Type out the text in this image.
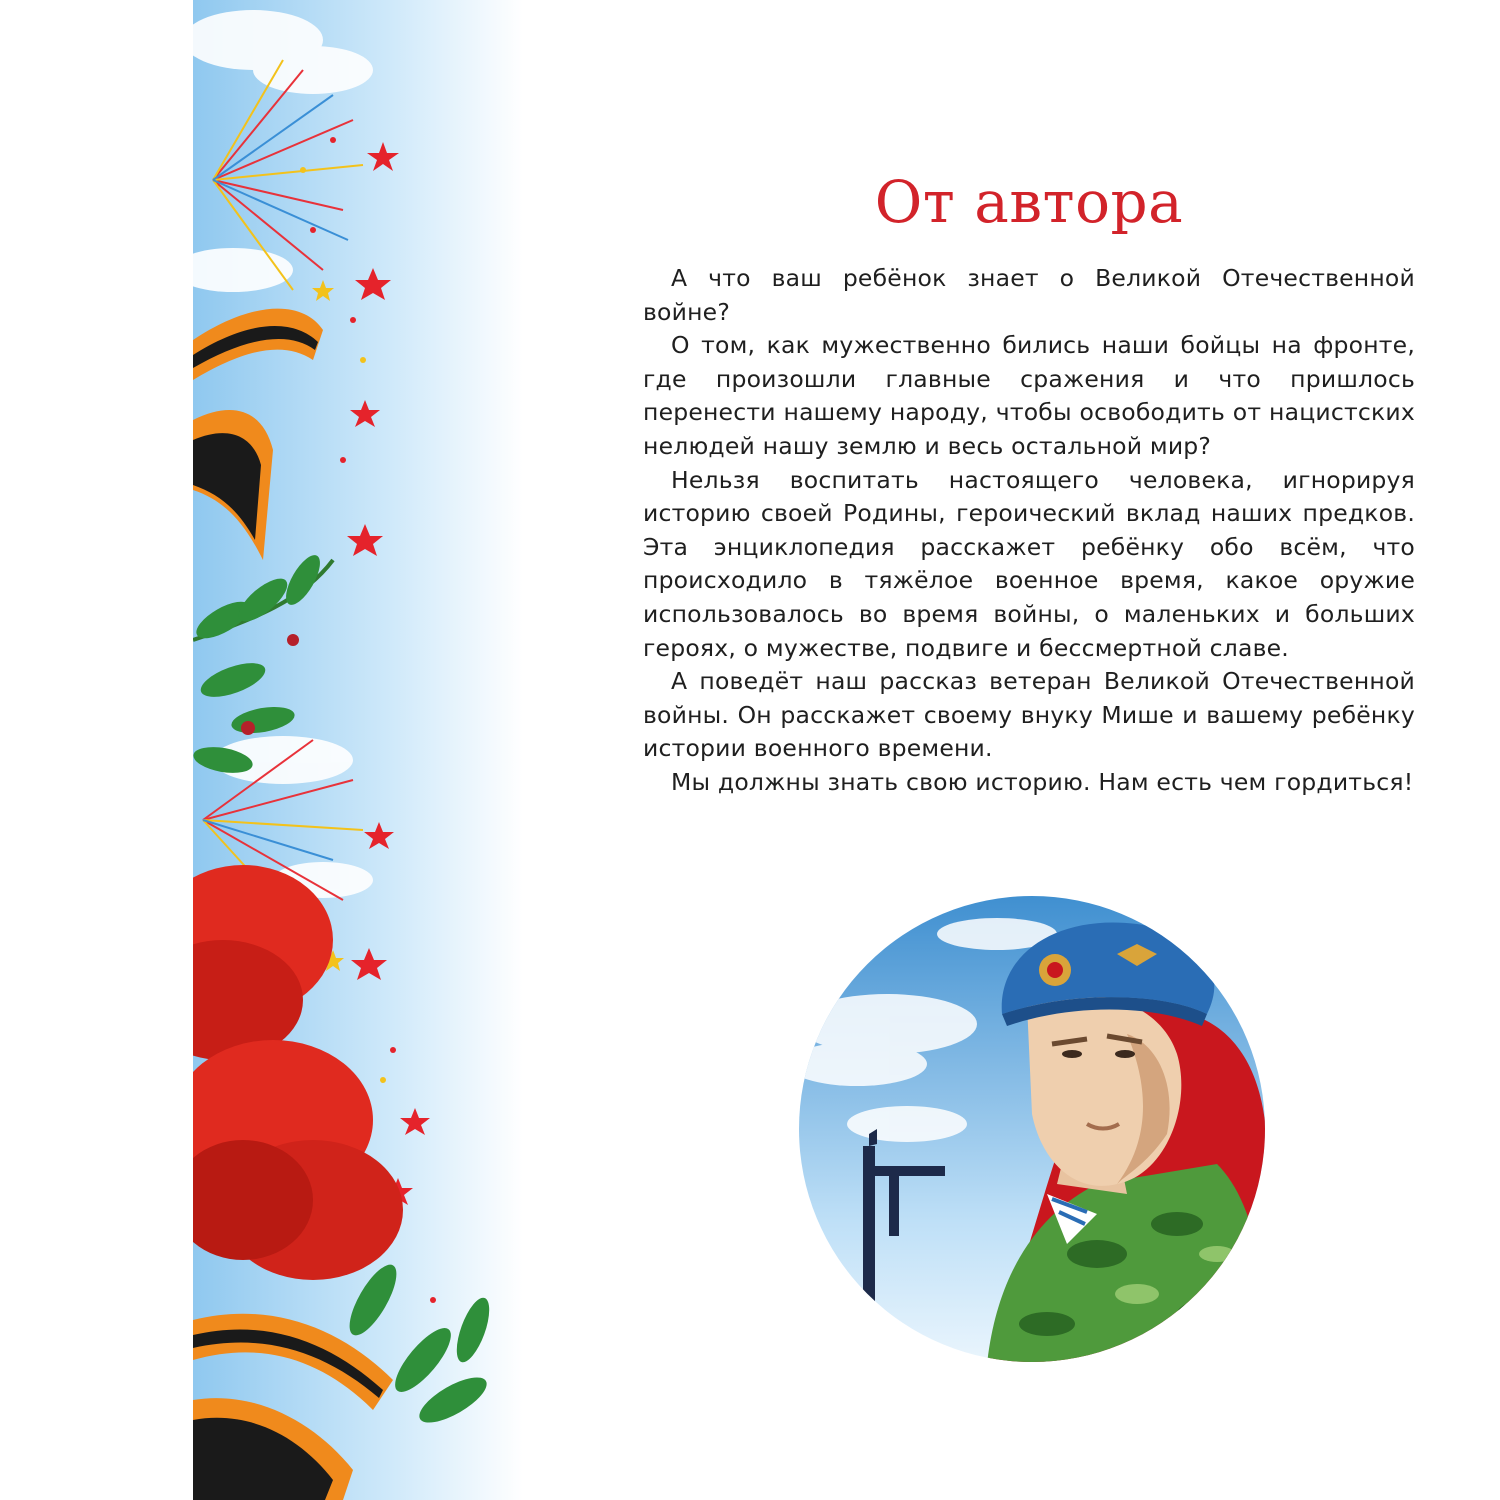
От автора

А что ваш ребёнок знает о Великой Отечественной войне?

О том, как мужественно бились наши бойцы на фронте, где произошли главные сражения и что пришлось перенести нашему народу, чтобы освободить от нацистских нелюдей нашу землю и весь остальной мир?

Нельзя воспитать настоящего человека, игнорируя историю своей Родины, героический вклад наших предков. Эта энциклопедия расскажет ребёнку обо всём, что происходило в тяжёлое военное время, какое оружие использовалось во время войны, о маленьких и больших героях, о мужестве, подвиге и бессмертной славе.

А поведёт наш рассказ ветеран Великой Отечественной войны. Он расскажет своему внуку Мише и вашему ребёнку истории военного времени.

Мы должны знать свою историю. Нам есть чем гордиться!
